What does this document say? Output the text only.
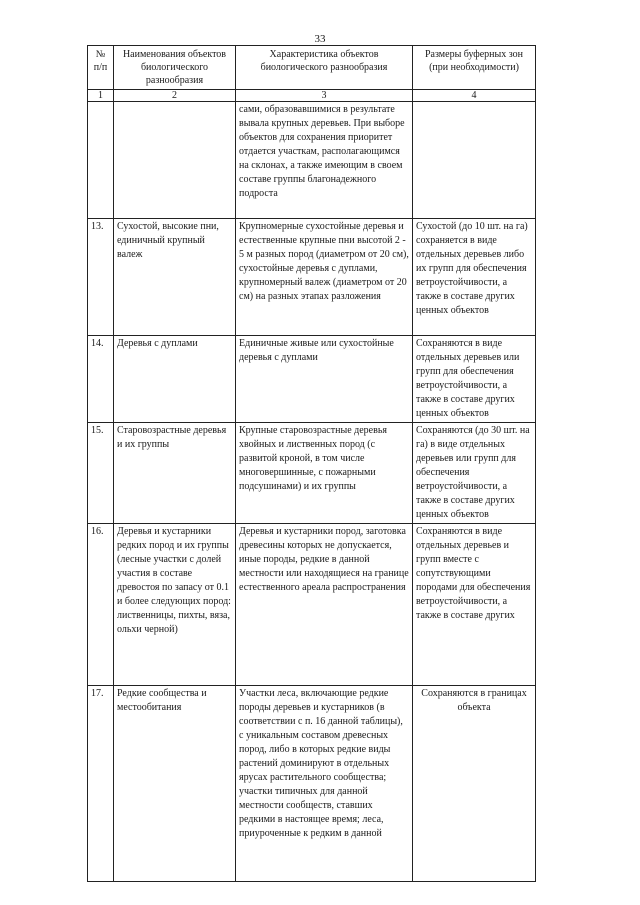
33
№ п/п	Наименования объектов биологического разнообразия	Характеристика объектов биологического разнообразия	Размеры буферных зон (при необходимости)
1	2	3	4
		сами, образовавшимися в результате вывала крупных деревьев. При выборе объектов для сохранения приоритет отдается участкам, располагающимся на склонах, а также имеющим в своем составе группы благонадежного подроста	
13.	Сухостой, высокие пни, единичный крупный валеж	Крупномерные сухостойные деревья и естественные крупные пни высотой 2 - 5 м разных пород (диаметром от 20 см), сухостойные деревья с дуплами, крупномерный валеж (диаметром от 20 см) на разных этапах разложения	Сухостой (до 10 шт. на га) сохраняется в виде отдельных деревьев либо их групп для обеспечения ветроустойчивости, а также в составе других ценных объектов
14.	Деревья с дуплами	Единичные живые или сухостойные деревья с дуплами	Сохраняются в виде отдельных деревьев или групп для обеспечения ветроустойчивости, а также в составе других ценных объектов
15.	Старовозрастные деревья и их группы	Крупные старовозрастные деревья хвойных и лиственных пород (с развитой кроной, в том числе многовершинные, с пожарными подсушинами) и их группы	Сохраняются (до 30 шт. на га) в виде отдельных деревьев или групп для обеспечения ветроустойчивости, а также в составе других ценных объектов
16.	Деревья и кустарники редких пород и их группы (лесные участки с долей участия в составе древостоя по запасу от 0.1 и более следующих пород: лиственницы, пихты, вяза, ольхи черной)	Деревья и кустарники пород, заготовка древесины которых не допускается, иные породы, редкие в данной местности или находящиеся на границе естественного ареала распространения	Сохраняются в виде отдельных деревьев и групп вместе с сопутствующими породами для обеспечения ветроустойчивости, а также в составе других
17.	Редкие сообщества и местообитания	Участки леса, включающие редкие породы деревьев и кустарников (в соответствии с п. 16 данной таблицы), с уникальным составом древесных пород, либо в которых редкие виды растений доминируют в отдельных ярусах растительного сообщества; участки типичных для данной местности сообществ, ставших редкими в настоящее время; леса, приуроченные к редким в данной	Сохраняются в границах объекта
